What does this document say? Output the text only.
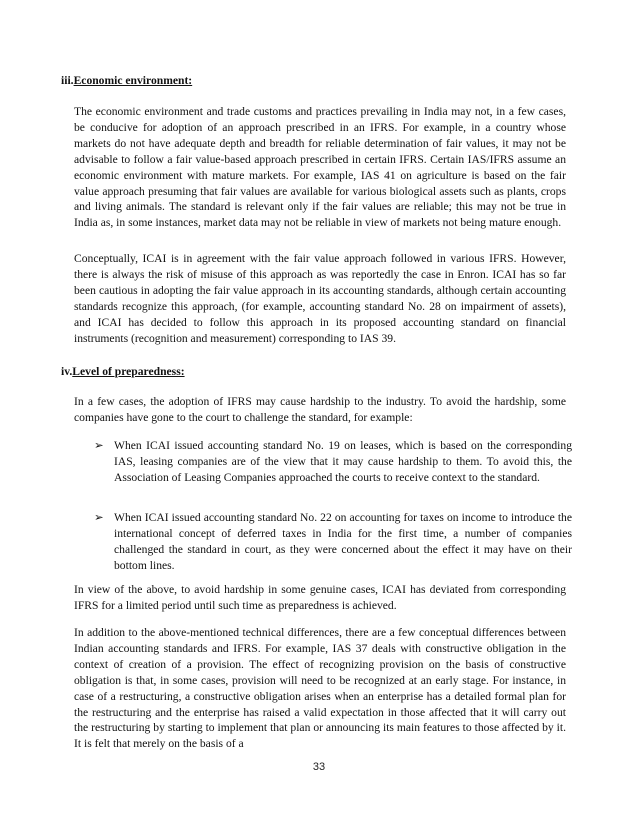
iii.Economic environment:

The economic environment and trade customs and practices prevailing in India may not, in a few cases, be conducive for adoption of an approach prescribed in an IFRS. For example, in a country whose markets do not have adequate depth and breadth for reliable determination of fair values, it may not be advisable to follow a fair value-based approach prescribed in certain IFRS. Certain IAS/IFRS assume an economic environment with mature markets. For example, IAS 41 on agriculture is based on the fair value approach presuming that fair values are available for various biological assets such as plants, crops and living animals. The standard is relevant only if the fair values are reliable; this may not be true in India as, in some instances, market data may not be reliable in view of markets not being mature enough.

Conceptually, ICAI is in agreement with the fair value approach followed in various IFRS. However, there is always the risk of misuse of this approach as was reportedly the case in Enron. ICAI has so far been cautious in adopting the fair value approach in its accounting standards, although certain accounting standards recognize this approach, (for example, accounting standard No. 28 on impairment of assets), and ICAI has decided to follow this approach in its proposed accounting standard on financial instruments (recognition and measurement) corresponding to IAS 39.

iv.Level of preparedness:

In a few cases, the adoption of IFRS may cause hardship to the industry. To avoid the hardship, some companies have gone to the court to challenge the standard, for example:

➢ When ICAI issued accounting standard No. 19 on leases, which is based on the corresponding IAS, leasing companies are of the view that it may cause hardship to them. To avoid this, the Association of Leasing Companies approached the courts to receive context to the standard.

➢ When ICAI issued accounting standard No. 22 on accounting for taxes on income to introduce the international concept of deferred taxes in India for the first time, a number of companies challenged the standard in court, as they were concerned about the effect it may have on their bottom lines.

In view of the above, to avoid hardship in some genuine cases, ICAI has deviated from corresponding IFRS for a limited period until such time as preparedness is achieved.

In addition to the above-mentioned technical differences, there are a few conceptual differences between Indian accounting standards and IFRS. For example, IAS 37 deals with constructive obligation in the context of creation of a provision. The effect of recognizing provision on the basis of constructive obligation is that, in some cases, provision will need to be recognized at an early stage. For instance, in case of a restructuring, a constructive obligation arises when an enterprise has a detailed formal plan for the restructuring and the enterprise has raised a valid expectation in those affected that it will carry out the restructuring by starting to implement that plan or announcing its main features to those affected by it. It is felt that merely on the basis of a

33
